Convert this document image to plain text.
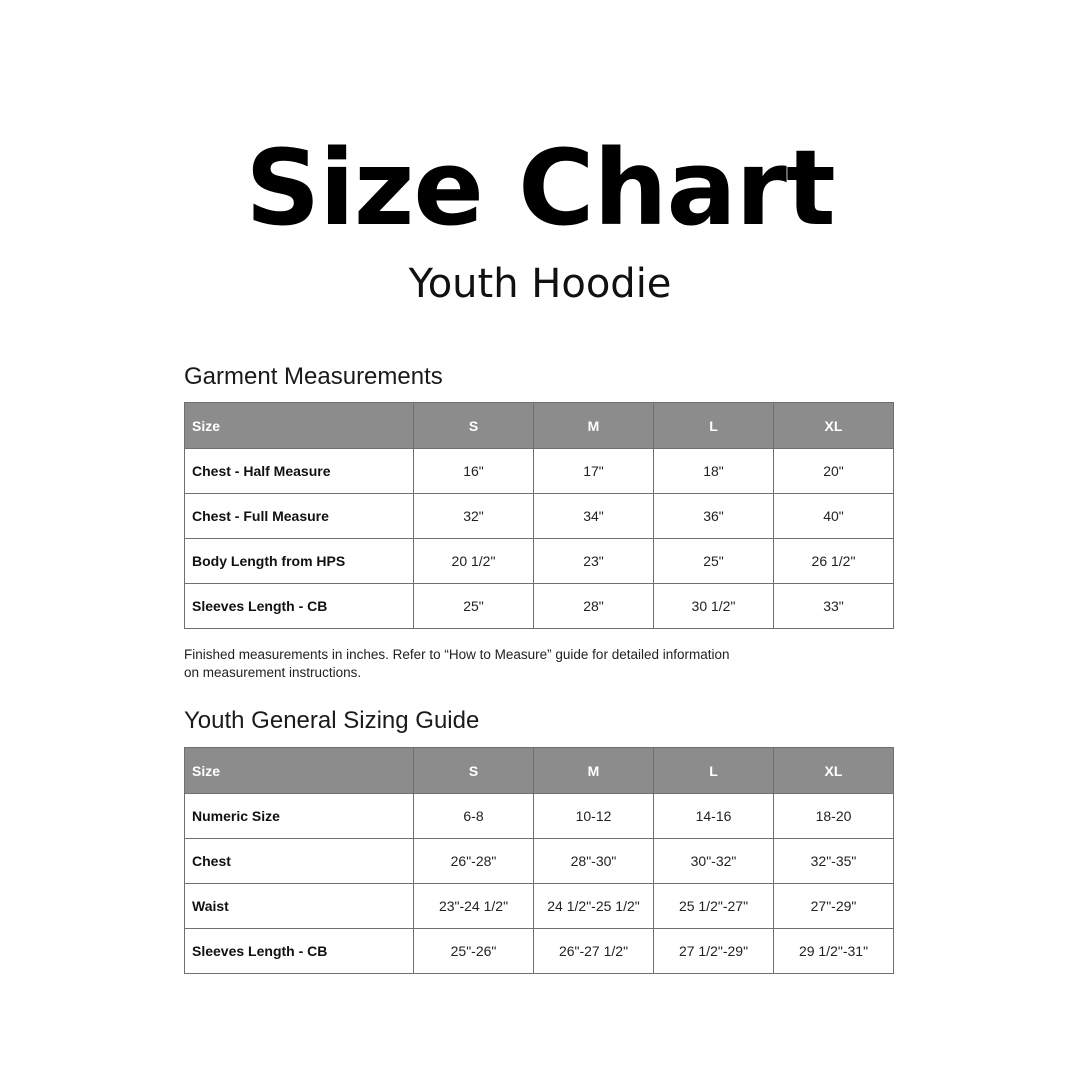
Size Chart
Youth Hoodie
Garment Measurements
Size	S	M	L	XL
Chest - Half Measure	16"	17"	18"	20"
Chest - Full Measure	32"	34"	36"	40"
Body Length from HPS	20 1/2"	23"	25"	26 1/2"
Sleeves Length - CB	25"	28"	30 1/2"	33"
Finished measurements in inches. Refer to “How to Measure” guide for detailed information on measurement instructions.
Youth General Sizing Guide
Size	S	M	L	XL
Numeric Size	6-8	10-12	14-16	18-20
Chest	26"-28"	28"-30"	30"-32"	32"-35"
Waist	23"-24 1/2"	24 1/2"-25 1/2"	25 1/2"-27"	27"-29"
Sleeves Length - CB	25"-26"	26"-27 1/2"	27 1/2"-29"	29 1/2"-31"
